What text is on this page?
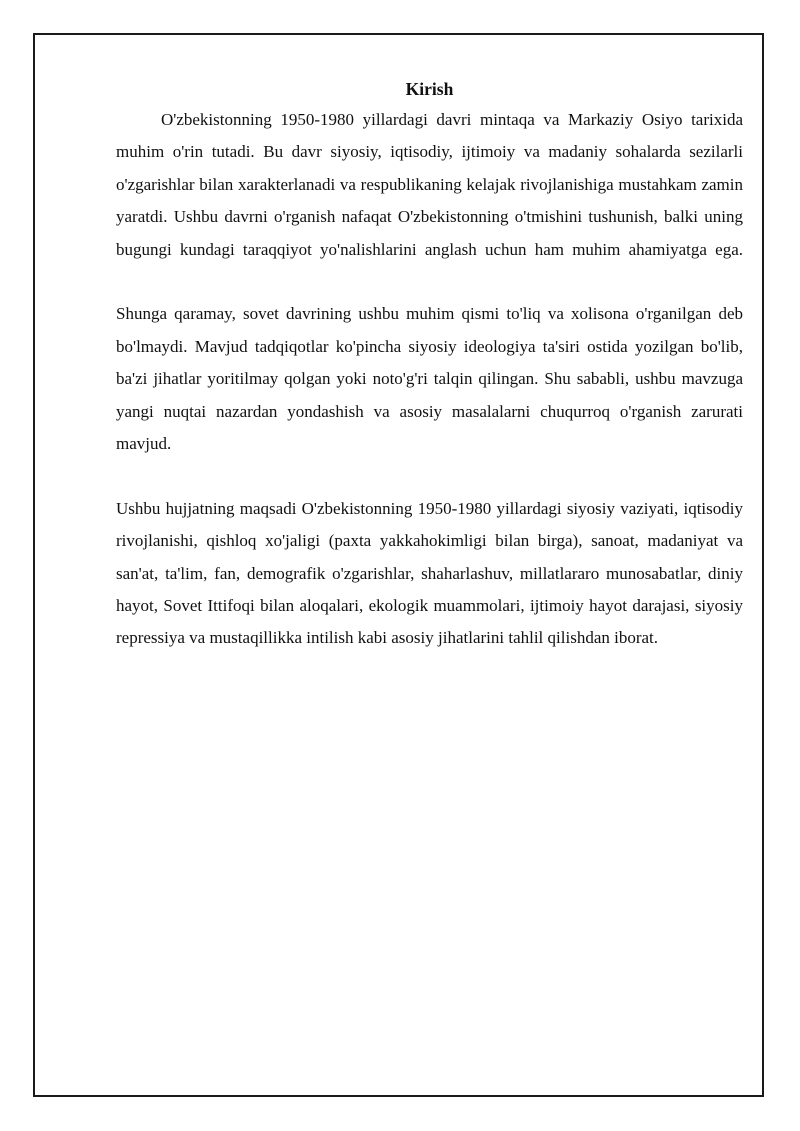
Kirish

O'zbekistonning 1950-1980 yillardagi davri mintaqa va Markaziy Osiyo tarixida muhim o'rin tutadi. Bu davr siyosiy, iqtisodiy, ijtimoiy va madaniy sohalarda sezilarli o'zgarishlar bilan xarakterlanadi va respublikaning kelajak rivojlanishiga mustahkam zamin yaratdi. Ushbu davrni o'rganish nafaqat O'zbekistonning o'tmishini tushunish, balki uning bugungi kundagi taraqqiyot yo'nalishlarini anglash uchun ham muhim ahamiyatga ega.

Shunga qaramay, sovet davrining ushbu muhim qismi to'liq va xolisona o'rganilgan deb bo'lmaydi. Mavjud tadqiqotlar ko'pincha siyosiy ideologiya ta'siri ostida yozilgan bo'lib, ba'zi jihatlar yoritilmay qolgan yoki noto'g'ri talqin qilingan. Shu sababli, ushbu mavzuga yangi nuqtai nazardan yondashish va asosiy masalalarni chuqurroq o'rganish zarurati mavjud.

Ushbu hujjatning maqsadi O'zbekistonning 1950-1980 yillardagi siyosiy vaziyati, iqtisodiy rivojlanishi, qishloq xo'jaligi (paxta yakkahokimligi bilan birga), sanoat, madaniyat va san'at, ta'lim, fan, demografik o'zgarishlar, shaharlashuv, millatlararo munosabatlar, diniy hayot, Sovet Ittifoqi bilan aloqalari, ekologik muammolari, ijtimoiy hayot darajasi, siyosiy repressiya va mustaqillikka intilish kabi asosiy jihatlarini tahlil qilishdan iborat.
